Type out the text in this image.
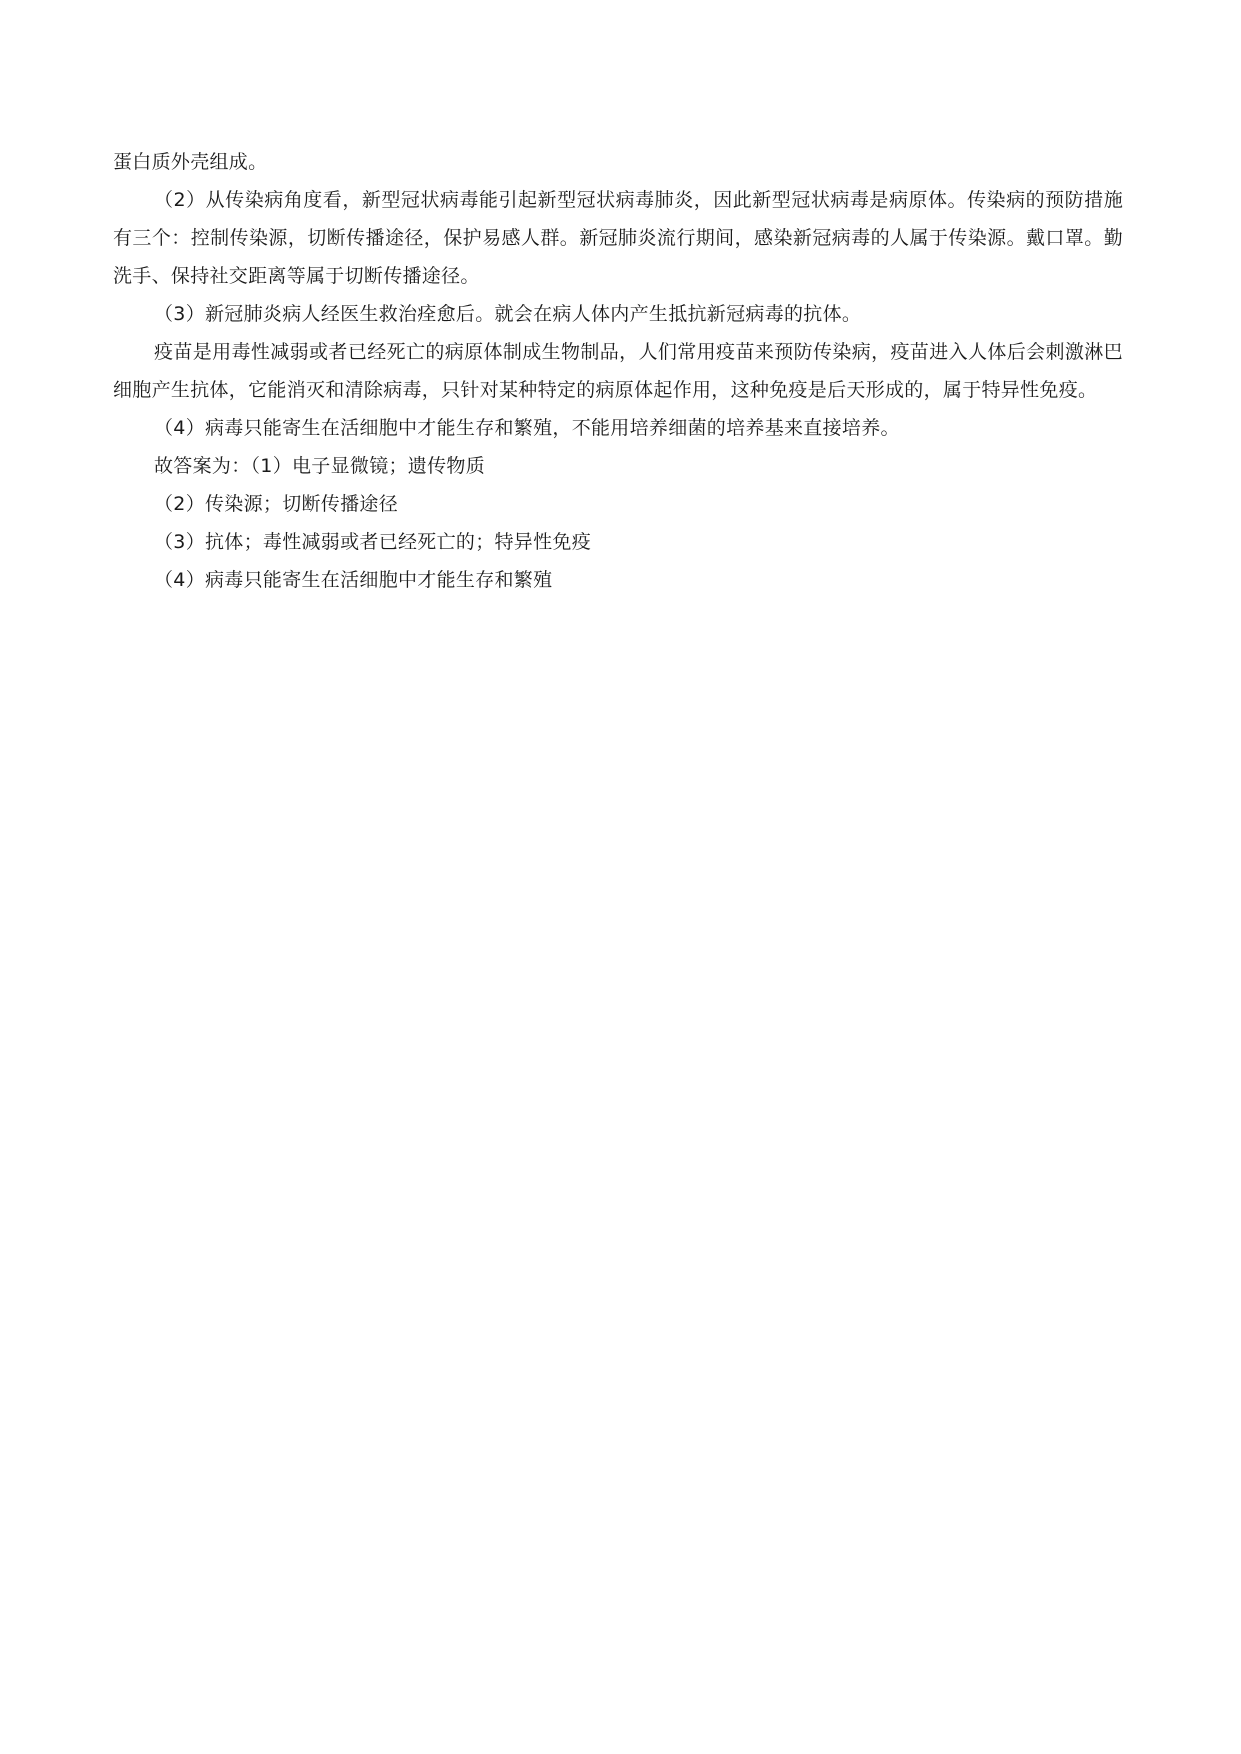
蛋白质外壳组成。

（2）从传染病角度看，新型冠状病毒能引起新型冠状病毒肺炎，因此新型冠状病毒是病原体。传染病的预防措施有三个：控制传染源，切断传播途径，保护易感人群。新冠肺炎流行期间，感染新冠病毒的人属于传染源。戴口罩。勤洗手、保持社交距离等属于切断传播途径。

（3）新冠肺炎病人经医生救治痊愈后。就会在病人体内产生抵抗新冠病毒的抗体。

疫苗是用毒性减弱或者已经死亡的病原体制成生物制品，人们常用疫苗来预防传染病，疫苗进入人体后会刺激淋巴细胞产生抗体，它能消灭和清除病毒，只针对某种特定的病原体起作用，这种免疫是后天形成的，属于特异性免疫。

（4）病毒只能寄生在活细胞中才能生存和繁殖，不能用培养细菌的培养基来直接培养。

故答案为：（1）电子显微镜；遗传物质

（2）传染源；切断传播途径

（3）抗体；毒性减弱或者已经死亡的；特异性免疫

（4）病毒只能寄生在活细胞中才能生存和繁殖
